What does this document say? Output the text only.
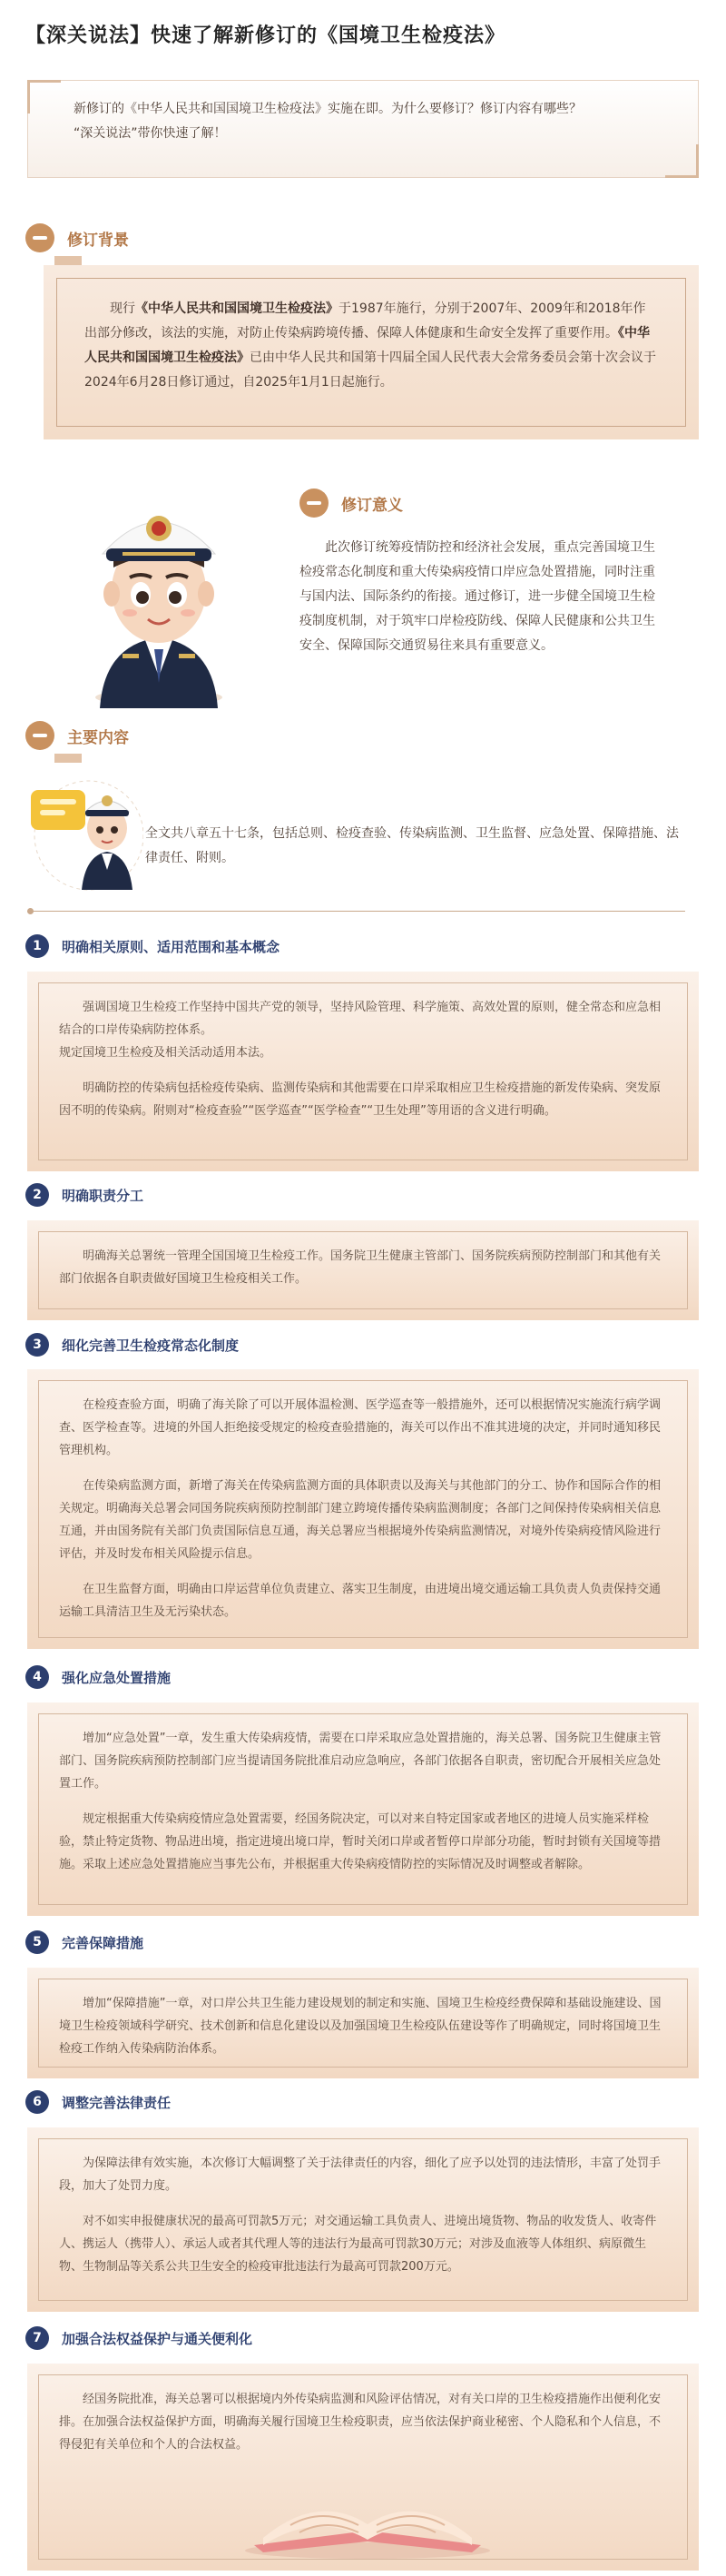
【深关说法】快速了解新修订的《国境卫生检疫法》
新修订的《中华人民共和国国境卫生检疫法》实施在即。为什么要修订？修订内容有哪些？
“深关说法”带你快速了解！
修订背景
现行《中华人民共和国国境卫生检疫法》于1987年施行，分别于2007年、2009年和2018年作出部分修改，该法的实施，对防止传染病跨境传播、保障人体健康和生命安全发挥了重要作用。《中华人民共和国国境卫生检疫法》已由中华人民共和国第十四届全国人民代表大会常务委员会第十次会议于2024年6月28日修订通过，自2025年1月1日起施行。
修订意义
此次修订统筹疫情防控和经济社会发展，重点完善国境卫生检疫常态化制度和重大传染病疫情口岸应急处置措施，同时注重与国内法、国际条约的衔接。通过修订，进一步健全国境卫生检疫制度机制，对于筑牢口岸检疫防线、保障人民健康和公共卫生安全、保障国际交通贸易往来具有重要意义。
主要内容
全文共八章五十七条，包括总则、检疫查验、传染病监测、卫生监督、应急处置、保障措施、法律责任、附则。
1	明确相关原则、适用范围和基本概念

强调国境卫生检疫工作坚持中国共产党的领导，坚持风险管理、科学施策、高效处置的原则，健全常态和应急相结合的口岸传染病防控体系。
规定国境卫生检疫及相关活动适用本法。

明确防控的传染病包括检疫传染病、监测传染病和其他需要在口岸采取相应卫生检疫措施的新发传染病、突发原因不明的传染病。附则对“检疫查验”“医学巡查”“医学检查”“卫生处理”等用语的含义进行明确。

2	明确职责分工

明确海关总署统一管理全国国境卫生检疫工作。国务院卫生健康主管部门、国务院疾病预防控制部门和其他有关部门依据各自职责做好国境卫生检疫相关工作。

3	细化完善卫生检疫常态化制度

在检疫查验方面，明确了海关除了可以开展体温检测、医学巡查等一般措施外，还可以根据情况实施流行病学调查、医学检查等。进境的外国人拒绝接受规定的检疫查验措施的，海关可以作出不准其进境的决定，并同时通知移民管理机构。

在传染病监测方面，新增了海关在传染病监测方面的具体职责以及海关与其他部门的分工、协作和国际合作的相关规定。明确海关总署会同国务院疾病预防控制部门建立跨境传播传染病监测制度；各部门之间保持传染病相关信息互通，并由国务院有关部门负责国际信息互通，海关总署应当根据境外传染病监测情况，对境外传染病疫情风险进行评估，并及时发布相关风险提示信息。

在卫生监督方面，明确由口岸运营单位负责建立、落实卫生制度，由进境出境交通运输工具负责人负责保持交通运输工具清洁卫生及无污染状态。

4	强化应急处置措施

增加“应急处置”一章，发生重大传染病疫情，需要在口岸采取应急处置措施的，海关总署、国务院卫生健康主管部门、国务院疾病预防控制部门应当提请国务院批准启动应急响应，各部门依据各自职责，密切配合开展相关应急处置工作。

规定根据重大传染病疫情应急处置需要，经国务院决定，可以对来自特定国家或者地区的进境人员实施采样检验，禁止特定货物、物品进出境，指定进境出境口岸，暂时关闭口岸或者暂停口岸部分功能，暂时封锁有关国境等措施。采取上述应急处置措施应当事先公布，并根据重大传染病疫情防控的实际情况及时调整或者解除。

5	完善保障措施

增加“保障措施”一章，对口岸公共卫生能力建设规划的制定和实施、国境卫生检疫经费保障和基础设施建设、国境卫生检疫领域科学研究、技术创新和信息化建设以及加强国境卫生检疫队伍建设等作了明确规定，同时将国境卫生检疫工作纳入传染病防治体系。

6	调整完善法律责任

为保障法律有效实施，本次修订大幅调整了关于法律责任的内容，细化了应予以处罚的违法情形，丰富了处罚手段，加大了处罚力度。

对不如实申报健康状况的最高可罚款5万元；对交通运输工具负责人、进境出境货物、物品的收发货人、收寄件人、携运人（携带人）、承运人或者其代理人等的违法行为最高可罚款30万元；对涉及血液等人体组织、病原微生物、生物制品等关系公共卫生安全的检疫审批违法行为最高可罚款200万元。

7	加强合法权益保护与通关便利化

经国务院批准，海关总署可以根据境内外传染病监测和风险评估情况，对有关口岸的卫生检疫措施作出便利化安排。在加强合法权益保护方面，明确海关履行国境卫生检疫职责，应当依法保护商业秘密、个人隐私和个人信息，不得侵犯有关单位和个人的合法权益。
